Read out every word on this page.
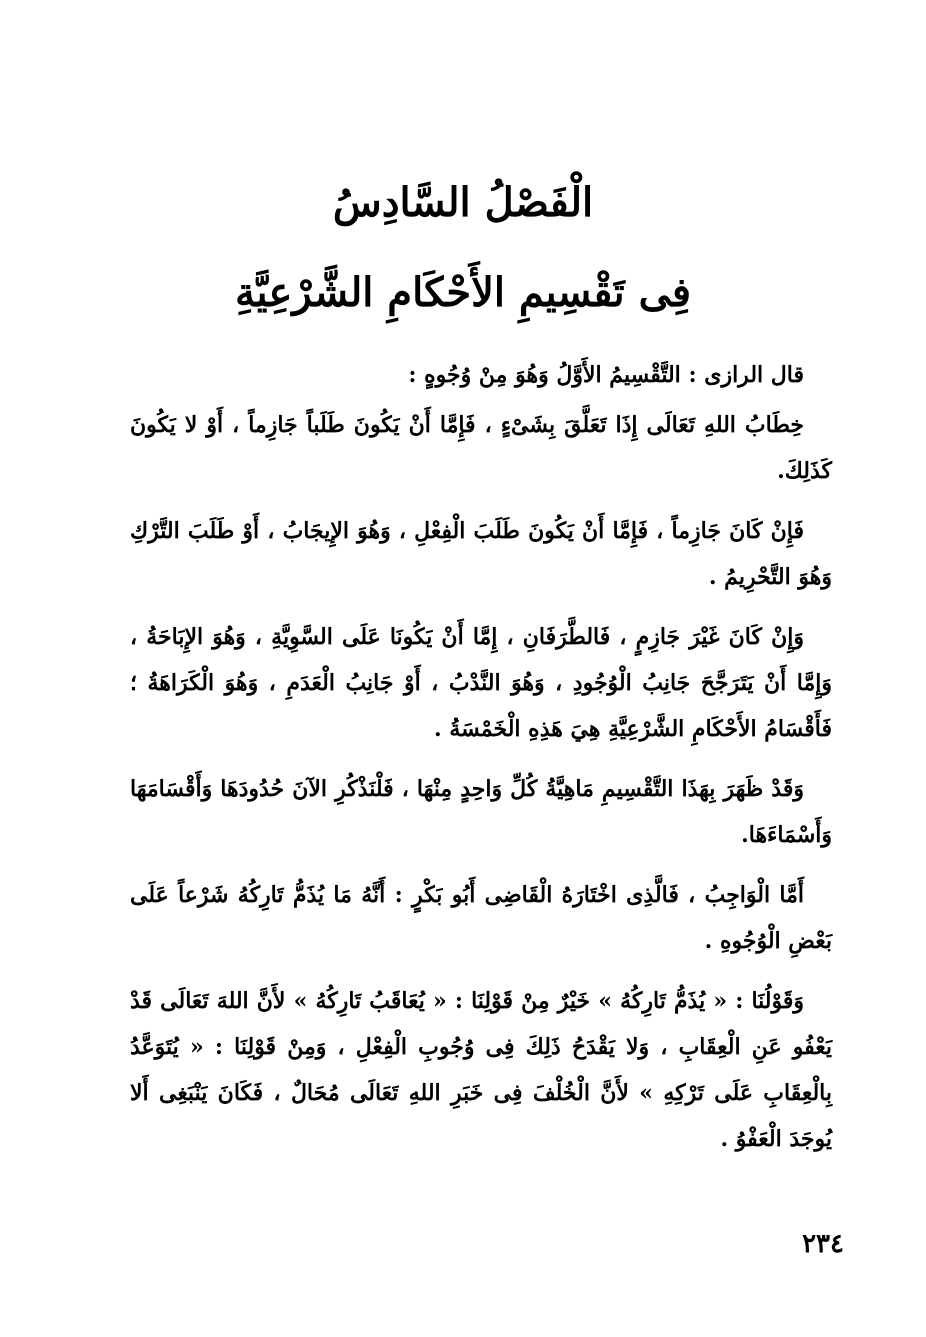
الْفَصْلُ السَّادِسُ
فِى تَقْسِيمِ الأَحْكَامِ الشَّرْعِيَّةِ

قال الرازى : التَّقْسِيمُ الأَوَّلُ وَهُوَ مِنْ وُجُوهٍ :

خِطَابُ اللهِ تَعَالَى إِذَا تَعَلَّقَ بِشَىْءٍ ، فَإِمَّا أَنْ يَكُونَ طَلَباً جَازِماً ، أَوْ لا يَكُونَ كَذَلِكَ.

فَإِنْ كَانَ جَازِماً ، فَإِمَّا أَنْ يَكُونَ طَلَبَ الْفِعْلِ ، وَهُوَ الإِيجَابُ ، أَوْ طَلَبَ التَّرْكِ وَهُوَ التَّحْرِيمُ .

وَإِنْ كَانَ غَيْرَ جَازِمٍ ، فَالطَّرَفَانِ ، إِمَّا أَنْ يَكُونَا عَلَى السَّوِيَّةِ ، وَهُوَ الإِبَاحَةُ ، وَإِمَّا أَنْ يَتَرَجَّحَ جَانِبُ الْوُجُودِ ، وَهُوَ النَّدْبُ ، أَوْ جَانِبُ الْعَدَمِ ، وَهُوَ الْكَرَاهَةُ ؛ فَأَقْسَامُ الأَحْكَامِ الشَّرْعِيَّةِ هِيَ هَذِهِ الْخَمْسَةُ .

وَقَدْ ظَهَرَ بِهَذَا التَّقْسِيمِ مَاهِيَّةُ كُلِّ وَاحِدٍ مِنْهَا ، فَلْنَذْكُرِ الآنَ حُدُودَهَا وَأَقْسَامَهَا وَأَسْمَاءَهَا.

أَمَّا الْوَاجِبُ ، فَالَّذِى اخْتَارَهُ الْقَاضِى أَبُو بَكْرٍ : أَنَّهُ مَا يُذَمُّ تَارِكُهُ شَرْعاً عَلَى بَعْضِ الْوُجُوهِ .

وَقَوْلُنَا : « يُذَمُّ تَارِكُهُ » خَيْرٌ مِنْ قَوْلِنَا : « يُعَاقَبُ تَارِكُهُ » لأَنَّ اللهَ تَعَالَى قَدْ يَعْفُو عَنِ الْعِقَابِ ، وَلا يَقْدَحُ ذَلِكَ فِى وُجُوبِ الْفِعْلِ ، وَمِنْ قَوْلِنَا : « يُتَوَعَّدُ بِالْعِقَابِ عَلَى تَرْكِهِ » لأَنَّ الْخُلْفَ فِى خَبَرِ اللهِ تَعَالَى مُحَالٌ ، فَكَانَ يَنْبَغِى أَلا يُوجَدَ الْعَفْوُ .

٢٣٤
